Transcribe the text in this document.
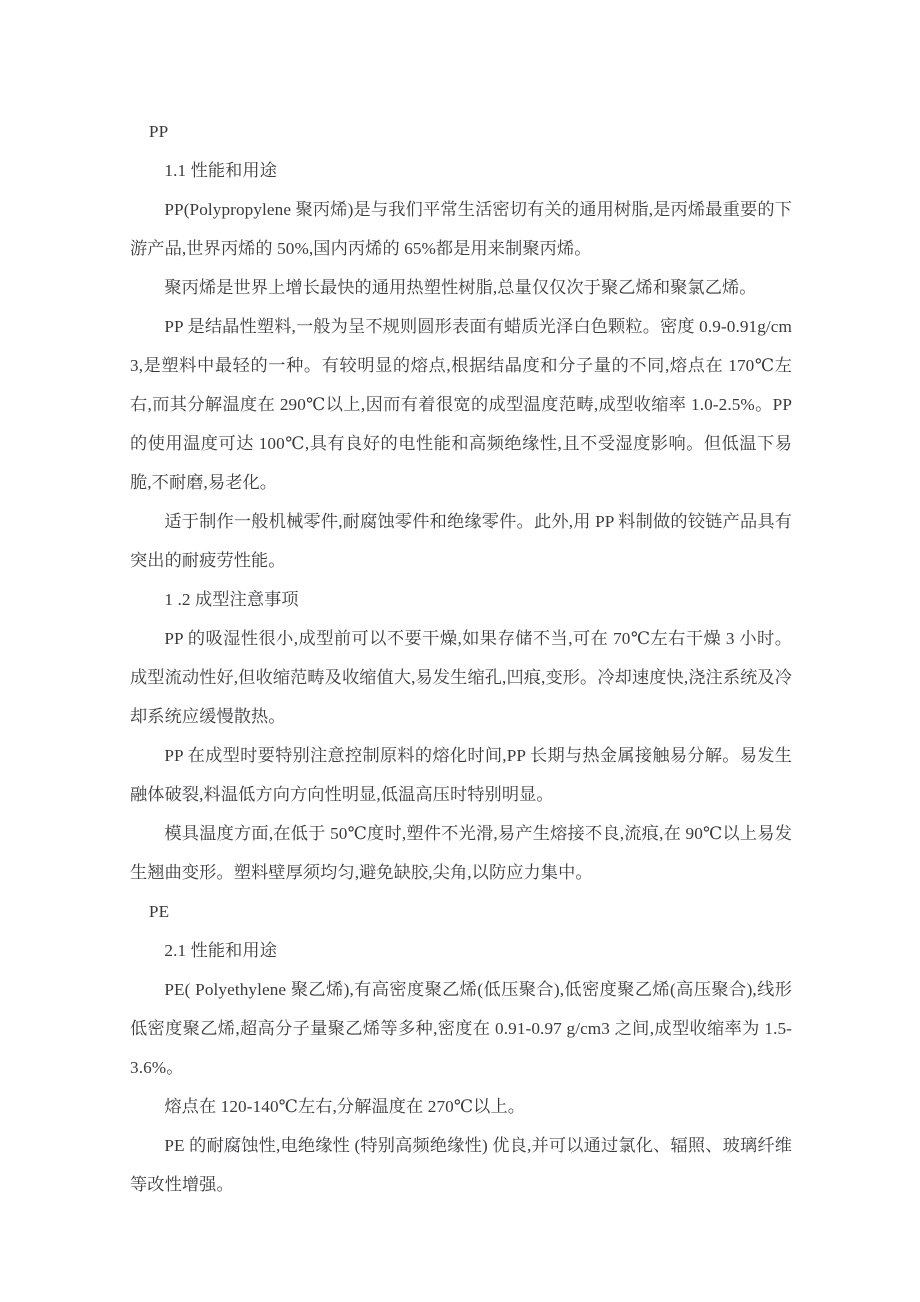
PP

1.1 性能和用途

PP(Polypropylene 聚丙烯)是与我们平常生活密切有关的通用树脂,是丙烯最重要的下游产品,世界丙烯的 50%,国内丙烯的 65%都是用来制聚丙烯。

聚丙烯是世界上增长最快的通用热塑性树脂,总量仅仅次于聚乙烯和聚氯乙烯。

PP 是结晶性塑料,一般为呈不规则圆形表面有蜡质光泽白色颗粒。密度 0.9-0.91g/cm3,是塑料中最轻的一种。有较明显的熔点,根据结晶度和分子量的不同,熔点在 170℃左右,而其分解温度在 290℃以上,因而有着很宽的成型温度范畴,成型收缩率 1.0-2.5%。PP 的使用温度可达 100℃,具有良好的电性能和高频绝缘性,且不受湿度影响。但低温下易脆,不耐磨,易老化。

适于制作一般机械零件,耐腐蚀零件和绝缘零件。此外,用 PP 料制做的铰链产品具有突出的耐疲劳性能。

1 .2 成型注意事项

PP 的吸湿性很小,成型前可以不要干燥,如果存储不当,可在 70℃左右干燥 3 小时。成型流动性好,但收缩范畴及收缩值大,易发生缩孔,凹痕,变形。冷却速度快,浇注系统及冷却系统应缓慢散热。

PP 在成型时要特别注意控制原料的熔化时间,PP 长期与热金属接触易分解。易发生融体破裂,料温低方向方向性明显,低温高压时特别明显。

模具温度方面,在低于 50℃度时,塑件不光滑,易产生熔接不良,流痕,在 90℃以上易发生翘曲变形。塑料壁厚须均匀,避免缺胶,尖角,以防应力集中。

PE

2.1 性能和用途

PE( Polyethylene 聚乙烯),有高密度聚乙烯(低压聚合),低密度聚乙烯(高压聚合),线形低密度聚乙烯,超高分子量聚乙烯等多种,密度在 0.91-0.97 g/cm3 之间,成型收缩率为 1.5-3.6%。

熔点在 120-140℃左右,分解温度在 270℃以上。

PE 的耐腐蚀性,电绝缘性 (特别高频绝缘性) 优良,并可以通过氯化、辐照、玻璃纤维等改性增强。
